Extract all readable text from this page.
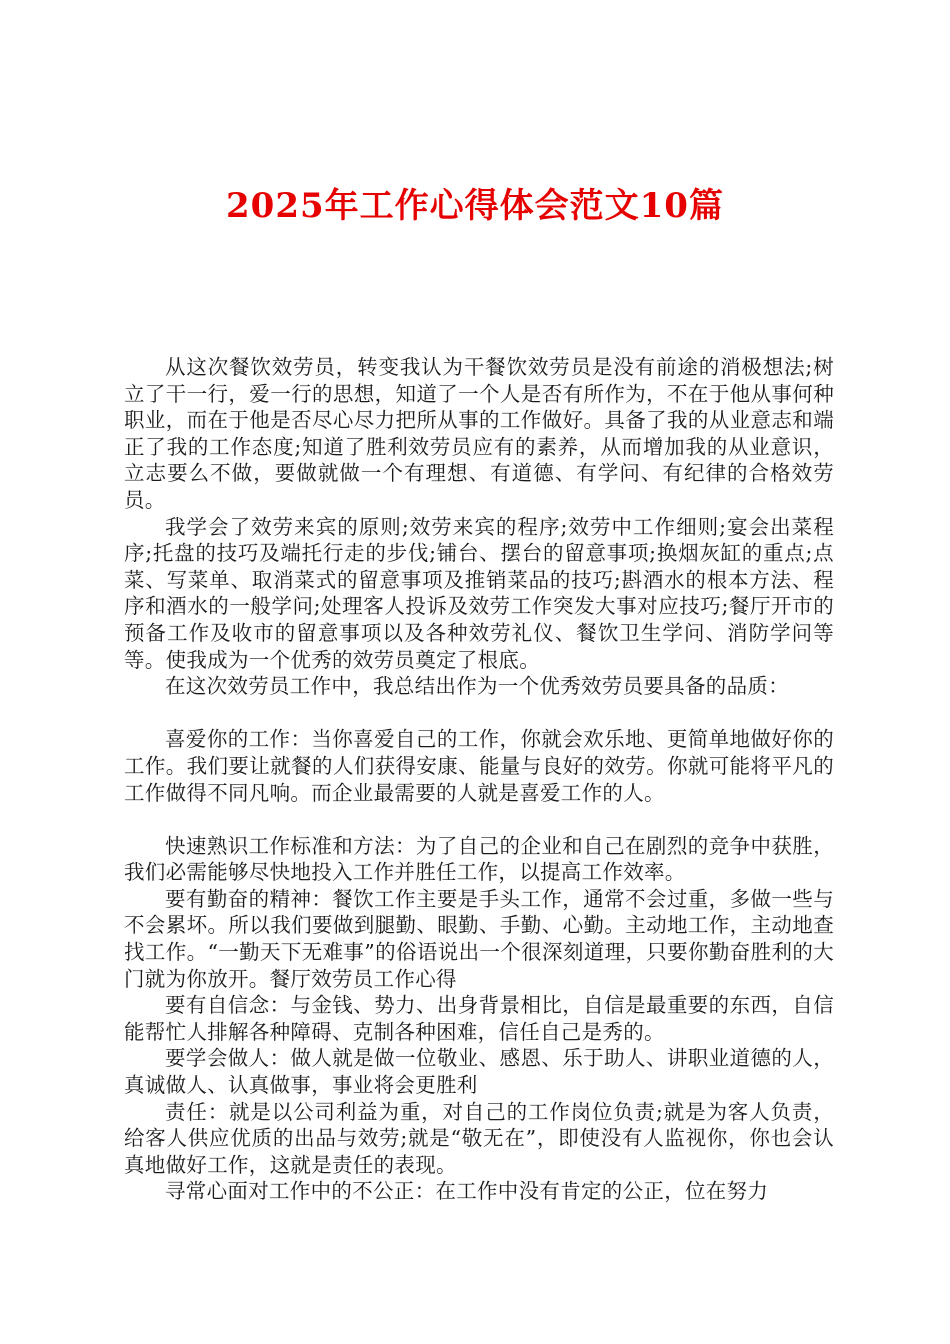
2025年工作心得体会范文10篇

从这次餐饮效劳员，转变我认为干餐饮效劳员是没有前途的消极想法;树立了干一行，爱一行的思想，知道了一个人是否有所作为，不在于他从事何种职业，而在于他是否尽心尽力把所从事的工作做好。具备了我的从业意志和端正了我的工作态度;知道了胜利效劳员应有的素养，从而增加我的从业意识，立志要么不做，要做就做一个有理想、有道德、有学问、有纪律的合格效劳员。

我学会了效劳来宾的原则;效劳来宾的程序;效劳中工作细则;宴会出菜程序;托盘的技巧及端托行走的步伐;铺台、摆台的留意事项;换烟灰缸的重点;点菜、写菜单、取消菜式的留意事项及推销菜品的技巧;斟酒水的根本方法、程序和酒水的一般学问;处理客人投诉及效劳工作突发大事对应技巧;餐厅开市的预备工作及收市的留意事项以及各种效劳礼仪、餐饮卫生学问、消防学问等等。使我成为一个优秀的效劳员奠定了根底。

在这次效劳员工作中，我总结出作为一个优秀效劳员要具备的品质：

喜爱你的工作：当你喜爱自己的工作，你就会欢乐地、更简单地做好你的工作。我们要让就餐的人们获得安康、能量与良好的效劳。你就可能将平凡的工作做得不同凡响。而企业最需要的人就是喜爱工作的人。

快速熟识工作标准和方法：为了自己的企业和自己在剧烈的竞争中获胜，我们必需能够尽快地投入工作并胜任工作，以提高工作效率。

要有勤奋的精神：餐饮工作主要是手头工作，通常不会过重，多做一些与不会累坏。所以我们要做到腿勤、眼勤、手勤、心勤。主动地工作，主动地查找工作。“一勤天下无难事”的俗语说出一个很深刻道理，只要你勤奋胜利的大门就为你放开。餐厅效劳员工作心得

要有自信念：与金钱、势力、出身背景相比，自信是最重要的东西，自信能帮忙人排解各种障碍、克制各种困难，信任自己是秀的。

要学会做人：做人就是做一位敬业、感恩、乐于助人、讲职业道德的人，真诚做人、认真做事，事业将会更胜利

责任：就是以公司利益为重，对自己的工作岗位负责;就是为客人负责，给客人供应优质的出品与效劳;就是“敬无在”，即使没有人监视你，你也会认真地做好工作，这就是责任的表现。

寻常心面对工作中的不公正：在工作中没有肯定的公正，位在努力
